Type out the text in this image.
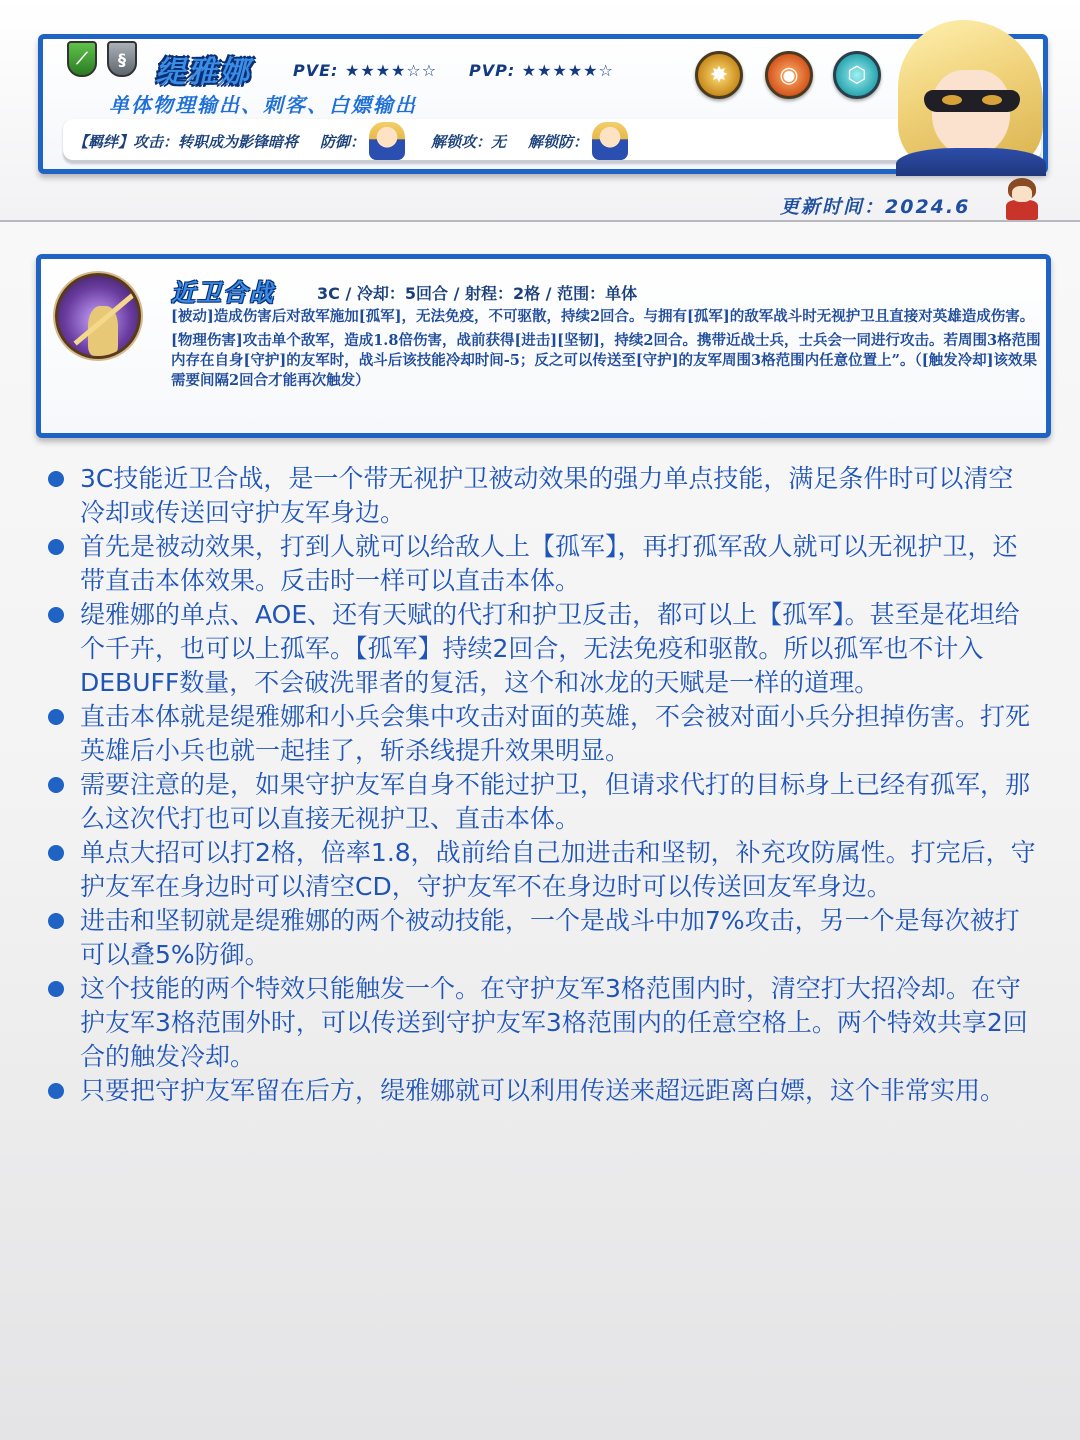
⟋	§ 缇雅娜	PVE: ★★★★☆☆ PVP: ★★★★★☆
单体物理输出、刺客、白嫖输出
✸	◉	⬡
【羁绊】攻击：转职成为影锋暗将 防御：	解锁攻：无 解锁防：
更新时间：2024.6
近卫合战	3C / 冷却：5回合 / 射程：2格 / 范围：单体

[被动]造成伤害后对敌军施加[孤军]，无法免疫，不可驱散，持续2回合。与拥有[孤军]的敌军战斗时无视护卫且直接对英雄造成伤害。

[物理伤害]攻击单个敌军，造成1.8倍伤害，战前获得[进击][坚韧]，持续2回合。携带近战士兵，士兵会一同进行攻击。若周围3格范围内存在自身[守护]的友军时，战斗后该技能冷却时间-5；反之可以传送至[守护]的友军周围3格范围内任意位置上”。（[触发冷却]该效果需要间隔2回合才能再次触发）

3C技能近卫合战，是一个带无视护卫被动效果的强力单点技能，满足条件时可以清空冷却或传送回守护友军身边。
首先是被动效果，打到人就可以给敌人上【孤军】，再打孤军敌人就可以无视护卫，还带直击本体效果。反击时一样可以直击本体。
缇雅娜的单点、AOE、还有天赋的代打和护卫反击，都可以上【孤军】。甚至是花坦给个千卉，也可以上孤军。【孤军】持续2回合，无法免疫和驱散。所以孤军也不计入DEBUFF数量，不会破洗罪者的复活，这个和冰龙的天赋是一样的道理。
直击本体就是缇雅娜和小兵会集中攻击对面的英雄，不会被对面小兵分担掉伤害。打死英雄后小兵也就一起挂了，斩杀线提升效果明显。
需要注意的是，如果守护友军自身不能过护卫，但请求代打的目标身上已经有孤军，那么这次代打也可以直接无视护卫、直击本体。
单点大招可以打2格，倍率1.8，战前给自己加进击和坚韧，补充攻防属性。打完后，守护友军在身边时可以清空CD，守护友军不在身边时可以传送回友军身边。
进击和坚韧就是缇雅娜的两个被动技能，一个是战斗中加7%攻击，另一个是每次被打可以叠5%防御。
这个技能的两个特效只能触发一个。在守护友军3格范围内时，清空打大招冷却。在守护友军3格范围外时，可以传送到守护友军3格范围内的任意空格上。两个特效共享2回合的触发冷却。
只要把守护友军留在后方，缇雅娜就可以利用传送来超远距离白嫖，这个非常实用。
